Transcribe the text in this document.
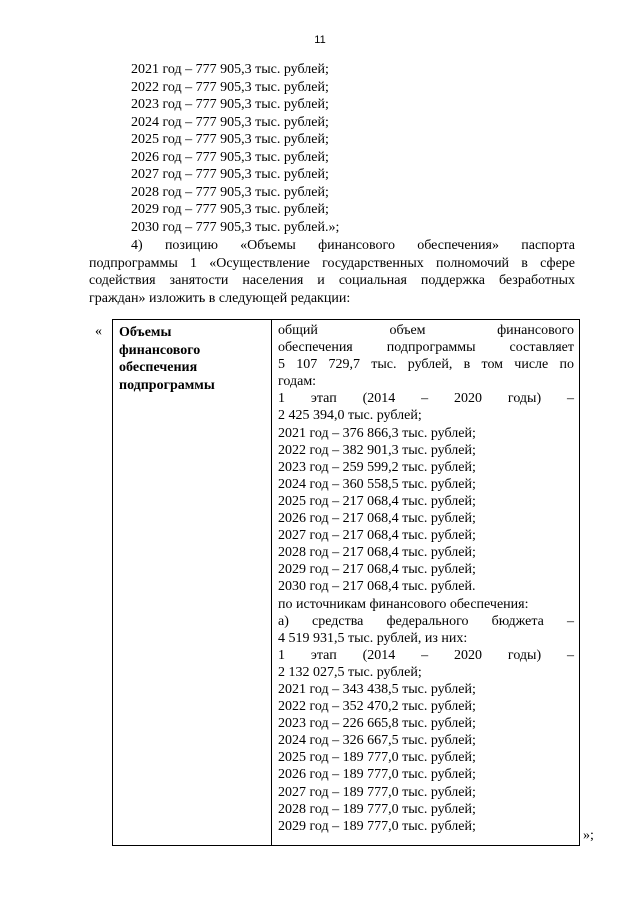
11
2021 год – 777 905,3 тыс. рублей;
2022 год – 777 905,3 тыс. рублей;
2023 год – 777 905,3 тыс. рублей;
2024 год – 777 905,3 тыс. рублей;
2025 год – 777 905,3 тыс. рублей;
2026 год – 777 905,3 тыс. рублей;
2027 год – 777 905,3 тыс. рублей;
2028 год – 777 905,3 тыс. рублей;
2029 год – 777 905,3 тыс. рублей;
2030 год – 777 905,3 тыс. рублей.»;
4) позицию «Объемы финансового обеспечения» паспорта
подпрограммы 1 «Осуществление государственных полномочий в сфере
содействия занятости населения и социальная поддержка безработных
граждан» изложить в следующей редакции:
« Объемы
финансового
обеспечения
подпрограммы
общий объем финансового
обеспечения подпрограммы составляет
5 107 729,7 тыс. рублей, в том числе по
годам:
1 этап (2014 – 2020 годы) –
2 425 394,0 тыс. рублей;
2021 год – 376 866,3 тыс. рублей;
2022 год – 382 901,3 тыс. рублей;
2023 год – 259 599,2 тыс. рублей;
2024 год – 360 558,5 тыс. рублей;
2025 год – 217 068,4 тыс. рублей;
2026 год – 217 068,4 тыс. рублей;
2027 год – 217 068,4 тыс. рублей;
2028 год – 217 068,4 тыс. рублей;
2029 год – 217 068,4 тыс. рублей;
2030 год – 217 068,4 тыс. рублей.
по источникам финансового обеспечения:
а) средства федерального бюджета –
4 519 931,5 тыс. рублей, из них:
1 этап (2014 – 2020 годы) –
2 132 027,5 тыс. рублей;
2021 год – 343 438,5 тыс. рублей;
2022 год – 352 470,2 тыс. рублей;
2023 год – 226 665,8 тыс. рублей;
2024 год – 326 667,5 тыс. рублей;
2025 год – 189 777,0 тыс. рублей;
2026 год – 189 777,0 тыс. рублей;
2027 год – 189 777,0 тыс. рублей;
2028 год – 189 777,0 тыс. рублей;
2029 год – 189 777,0 тыс. рублей;
»;
